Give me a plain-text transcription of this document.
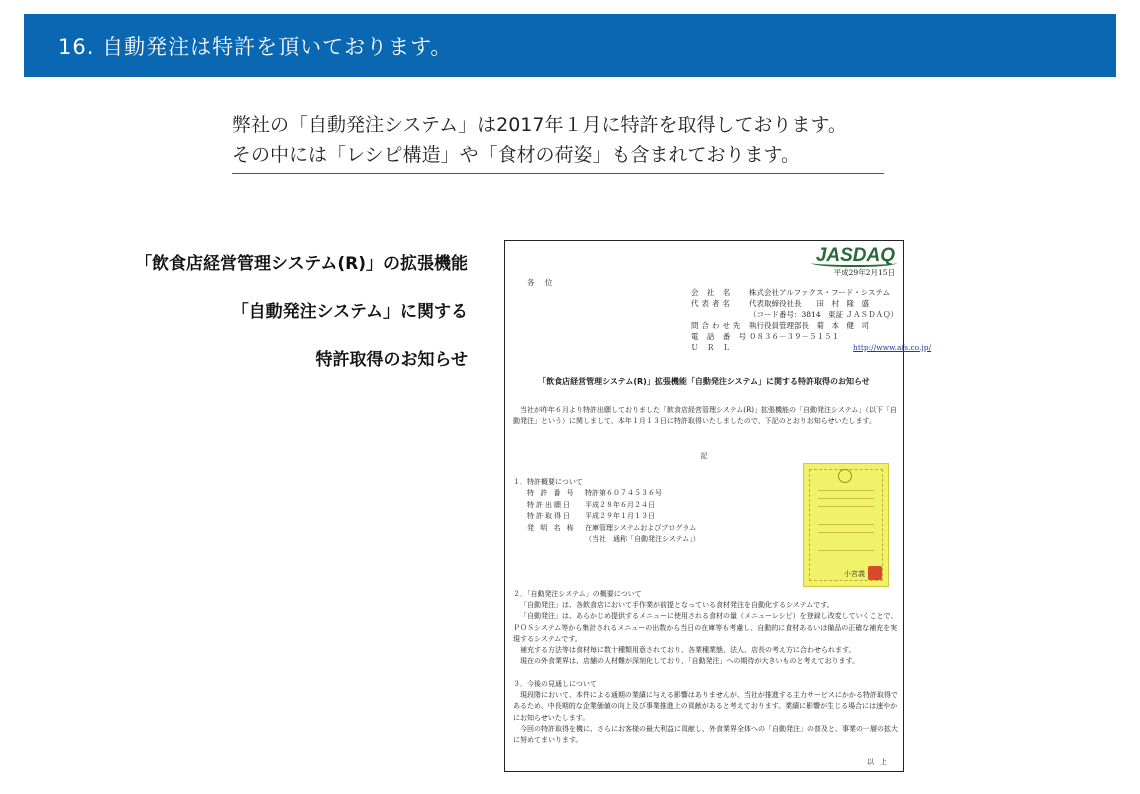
16. 自動発注は特許を頂いております。
弊社の「自動発注システム」は2017年１月に特許を取得しております。
その中には「レシピ構造」や「食材の荷姿」も含まれております。
「飲食店経営管理システム(R)」の拡張機能
「自動発注システム」に関する
特許取得のお知らせ
JASDAQ
平成29年2月15日
各 位
会 社 名	株式会社アルファクス・フード・システム
代表者名	代表取締役社長　　田　村　隆　盛
（コード番号：3814　東証 ＪＡＳＤＡＱ）
問合わせ先 執行役員管理部長　菊　本　健　司
電 話 番 号 ０８３６－３９－５１５１
Ｕ Ｒ Ｌ	http://www.afs.co.jp/
「飲食店経営管理システム(R)」拡張機能「自動発注システム」に関する特許取得のお知らせ
当社が昨年６月より特許出願しておりました「飲食店経営管理システム(R)」拡張機能の「自動発注システム」（以下「自動発注」という）に関しまして、本年１月１３日に特許取得いたしましたので、下記のとおりお知らせいたします。
記
１．特許概要について
特 許 番 号	特許第６０７４５３６号
特許出願日	平成２８年６月２４日
特許取得日	平成２９年１月１３日
発 明 名 称	在庫管理システムおよびプログラム
（当社　通称「自動発注システム」）
小宮義
２．「自動発注システム」の概要について
「自動発注」は、各飲食店において手作業が前提となっている食材発注を自動化するシステムです。
「自動発注」は、あらかじめ提供するメニューに使用される食材の量（メニューレシピ）を登録し改変していくことで、ＰＯＳシステム等から集計されるメニューの出数から当日の在庫等も考慮し、自動的に食材あるいは備品の正確な補充を実現するシステムです。
補充する方法等は食材毎に数十種類用意されており、各業種業態、法人、店長の考え方に合わせられます。
現在の外食業界は、店舗の人材難が深刻化しており、｢自動発注」への期待が大きいものと考えております。
３．今後の見通しについて
現段階において、本件による通期の業績に与える影響はありませんが、当社が推進する主力サービスにかかる特許取得であるため、中長期的な企業価値の向上及び事業推進上の貢献があると考えております。業績に影響が生じる場合には速やかにお知らせいたします。
今回の特許取得を機に、さらにお客様の最大利益に貢献し、外食業界全体への「自動発注」の普及と、事業の一層の拡大に努めてまいります。
以上
